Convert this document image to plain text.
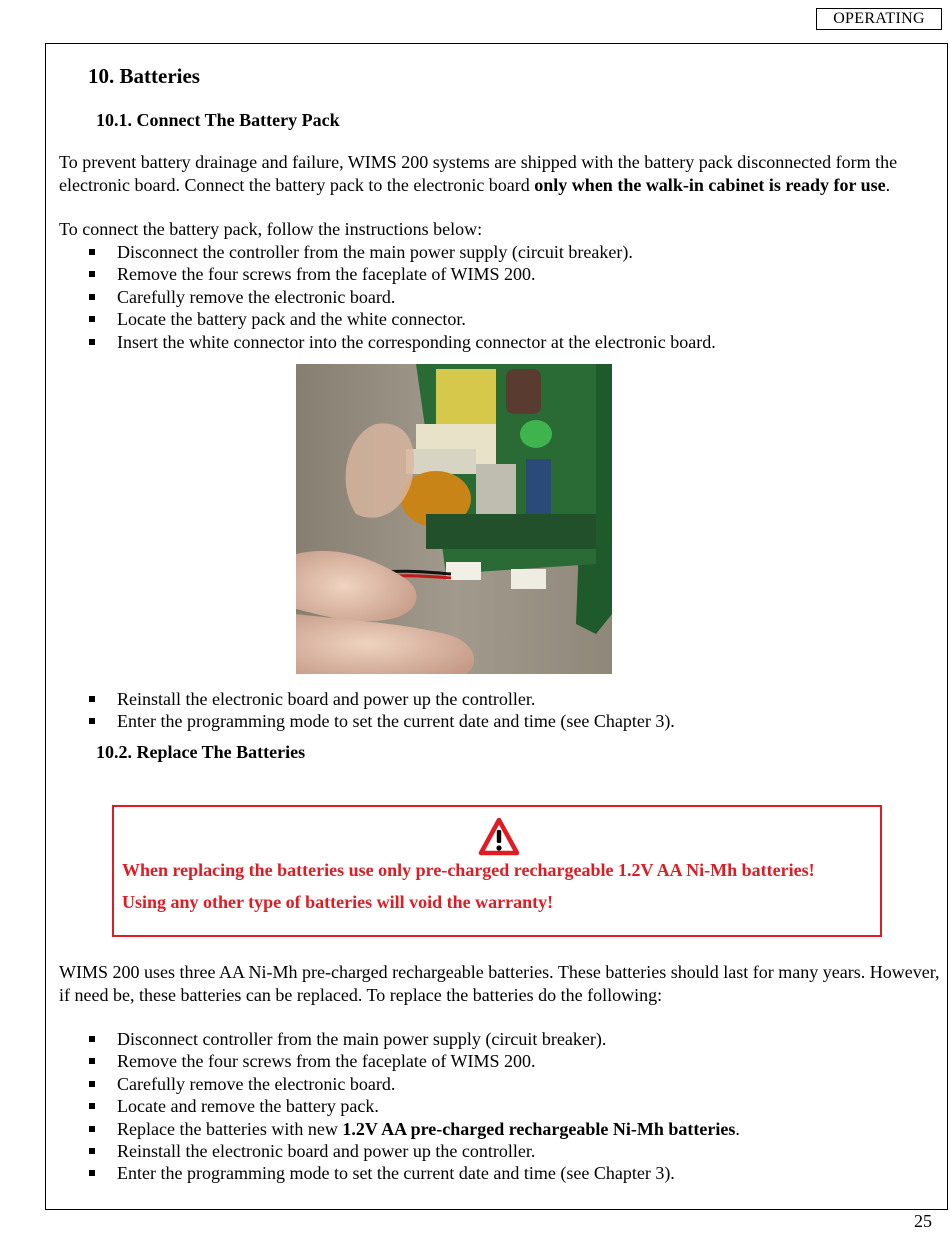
OPERATING
10. Batteries
10.1. Connect The Battery Pack

To prevent battery drainage and failure, WIMS 200 systems are shipped with the battery pack disconnected form the electronic board. Connect the battery pack to the electronic board only when the walk-in cabinet is ready for use.

To connect the battery pack, follow the instructions below:

Disconnect the controller from the main power supply (circuit breaker).
Remove the four screws from the faceplate of WIMS 200.
Carefully remove the electronic board.
Locate the battery pack and the white connector.
Insert the white connector into the corresponding connector at the electronic board.
Reinstall the electronic board and power up the controller.
Enter the programming mode to set the current date and time (see Chapter 3).
10.2. Replace The Batteries
When replacing the batteries use only pre-charged rechargeable 1.2V AA Ni-Mh batteries!
Using any other type of batteries will void the warranty!

WIMS 200 uses three AA Ni-Mh pre-charged rechargeable batteries. These batteries should last for many years. However, if need be, these batteries can be replaced. To replace the batteries do the following:

Disconnect controller from the main power supply (circuit breaker).
Remove the four screws from the faceplate of WIMS 200.
Carefully remove the electronic board.
Locate and remove the battery pack.
Replace the batteries with new 1.2V AA pre-charged rechargeable Ni-Mh batteries.
Reinstall the electronic board and power up the controller.
Enter the programming mode to set the current date and time (see Chapter 3).
25
